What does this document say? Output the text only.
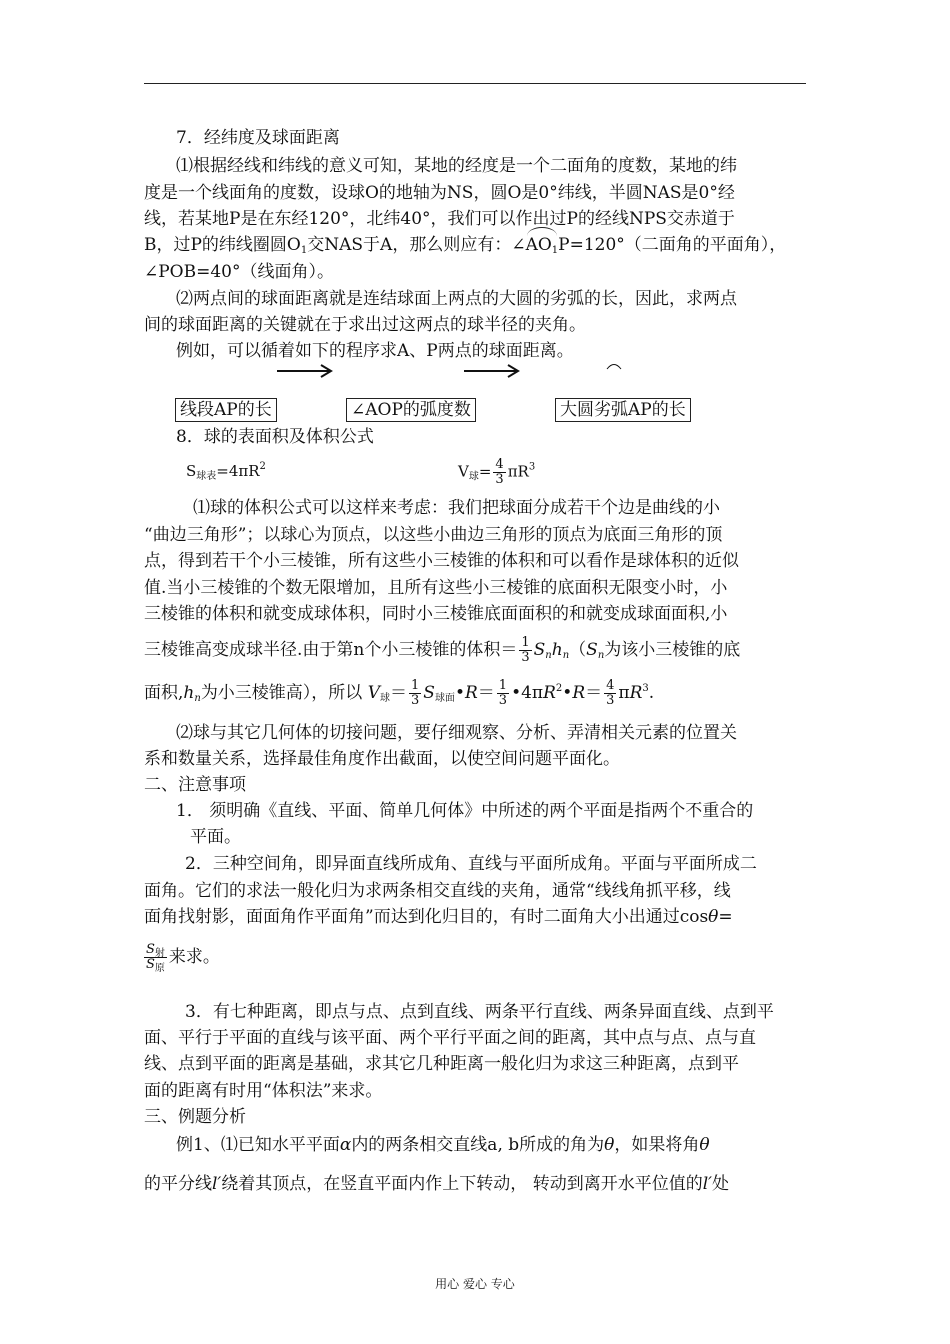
7．经纬度及球面距离
⑴根据经线和纬线的意义可知，某地的经度是一个二面角的度数，某地的纬
度是一个线面角的度数，设球O的地轴为NS，圆O是0°纬线，半圆NAS是0°经
线，若某地P是在东经120°，北纬40°，我们可以作出过P的经线NPS交赤道于
B，过P的纬线圈圆$O_1$交NAS于A，那么则应有：$\angle AO_1P=120^\circ$（二面角的平面角），
∠POB=40°（线面角）。
⑵两点间的球面距离就是连结球面上两点的大圆的劣弧的长，因此，求两点
间的球面距离的关键就在于求出过这两点的球半径的夹角。
例如，可以循着如下的程序求A、P两点的球面距离。
线段AP的长	∠AOP的弧度数	大圆劣弧AP的长
8．球的表面积及体积公式
$S_{球表}=4\pi R^2$	$V_球= \frac{4}{3} \pi R^3$
⑴球的体积公式可以这样来考虑：我们把球面分成若干个边是曲线的小
“曲边三角形”；以球心为顶点，以这些小曲边三角形的顶点为底面三角形的顶
点，得到若干个小三棱锥，所有这些小三棱锥的体积和可以看作是球体积的近似
值.当小三棱锥的个数无限增加，且所有这些小三棱锥的底面积无限变小时，小
三棱锥的体积和就变成球体积，同时小三棱锥底面面积的和就变成球面面积,小
三棱锥高变成球半径.由于第n个小三棱锥的体积＝ $\frac{1}{3} S_nh_n(S_n$为该小三棱锥的底
面积$,h_n$为小三棱锥高），所以 $V_球= \frac{1}{3}$ $S_{球面}•R= \frac{1}{3}$ $•4\pi R^2•R= \frac{4}{3} \pi R^3$.
⑵球与其它几何体的切接问题，要仔细观察、分析、弄清相关元素的位置关
系和数量关系，选择最佳角度作出截面，以使空间问题平面化。
二、注意事项
1． 须明确《直线、平面、简单几何体》中所述的两个平面是指两个不重合的
平面。
2．三种空间角，即异面直线所成角、直线与平面所成角。平面与平面所成二
面角。它们的求法一般化归为求两条相交直线的夹角，通常“线线角抓平移，线
面角找射影，面面角作平面角”而达到化归目的，有时二面角大小出通过cosθ=
$\frac{S_射}{S_原}$ 来求。
3．有七种距离，即点与点、点到直线、两条平行直线、两条异面直线、点到平
面、平行于平面的直线与该平面、两个平行平面之间的距离，其中点与点、点与直
线、点到平面的距离是基础，求其它几种距离一般化归为求这三种距离，点到平
面的距离有时用“体积法”来求。
三、例题分析
例1、⑴已知水平平面α内的两条相交直线a, b所成的角为θ，如果将角θ
的平分线l′绕着其顶点，在竖直平面内作上下转动， 转动到离开水平位值的l′处
用心 爱心 专心
